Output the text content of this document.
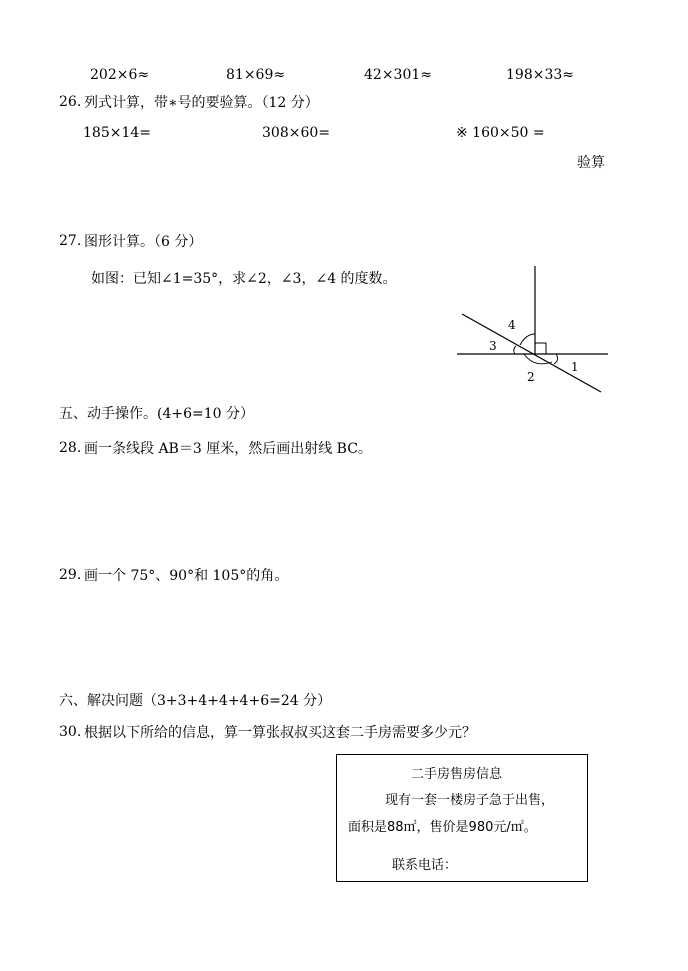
202×6≈	81×69≈	42×301≈	198×33≈
26. 列式计算，带∗号的要验算。（12 分）
185×14=	308×60=	※ 160×50 =
验算
27. 图形计算。（6 分）
如图：已知∠1=35°，求∠2，∠3，∠4 的度数。
4
3
2
1
五、动手操作。(4+6=10 分）
28. 画一条线段 AB＝3 厘米，然后画出射线 BC。
29. 画一个 75°、90°和 105°的角。
六、解决问题（3+3+4+4+4+6=24 分）
30. 根据以下所给的信息，算一算张叔叔买这套二手房需要多少元？
二手房售房信息
现有一套一楼房子急于出售，
面积是88㎡，售价是980元/㎡。
联系电话：
